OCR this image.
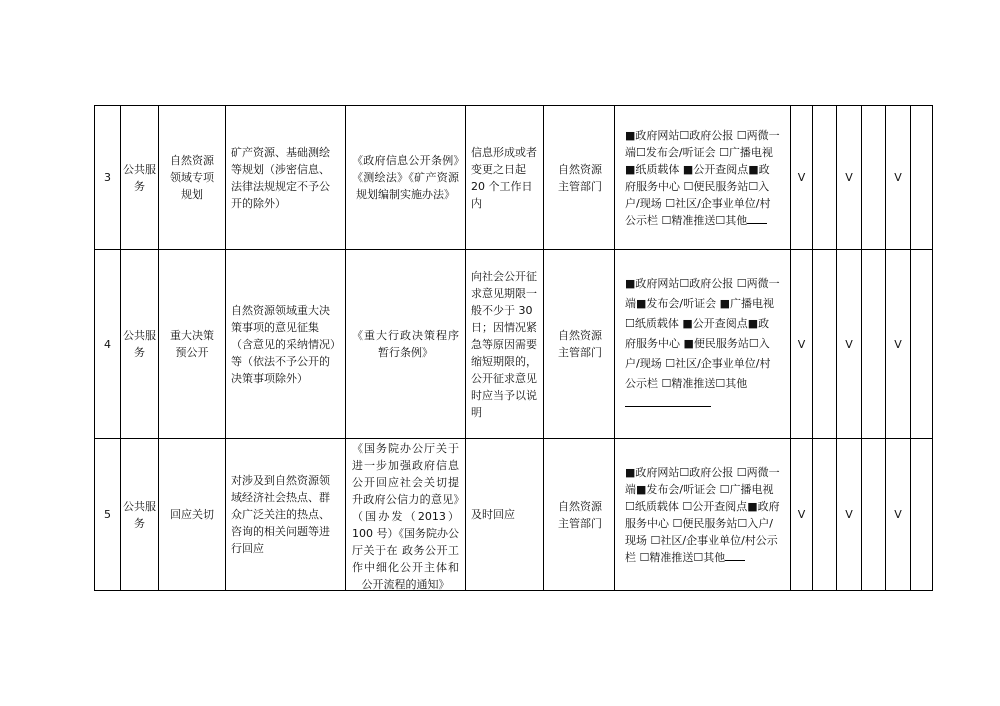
3	公共服务	自然资源领域专项规划	矿产资源、基础测绘等规划（涉密信息、法律法规规定不予公开的除外）	《政府信息公开条例》《测绘法》《矿产资源规划编制实施办法》	信息形成或者变更之日起 20 个工作日内	自然资源 主管部门	■政府网站☐政府公报 ☐两微一端☐发布会/听证会 ☐广播电视■纸质载体 ■公开查阅点■政府服务中心 ☐便民服务站☐入户/现场 ☐社区/企事业单位/村公示栏 ☐精准推送☐其他	V		V		V	
4	公共服务	重大决策预公开	自然资源领域重大决策事项的意见征集（含意见的采纳情况）等（依法不予公开的决策事项除外）	《重大行政决策程序暂行条例》	向社会公开征求意见期限一般不少于 30 日；因情况紧急等原因需要缩短期限的，公开征求意见时应当予以说明	自然资源 主管部门	■政府网站☐政府公报 ☐两微一端■发布会/听证会 ■广播电视☐纸质载体 ■公开查阅点■政府服务中心 ■便民服务站☐入户/现场 ☐社区/企事业单位/村公示栏 ☐精准推送☐其他	V		V		V	
5	公共服务	回应关切	对涉及到自然资源领域经济社会热点、群众广泛关注的热点、咨询的相关问题等进行回应	《国务院办公厅关于进一步加强政府信息公开回应社会关切提升政府公信力的意见》（国办发（2013） 100 号）《国务院办公厅关于在 政务公开工作中细化公开主体和公开流程的通知》	及时回应	自然资源 主管部门	■政府网站☐政府公报 ☐两微一端■发布会/听证会 ☐广播电视☐纸质载体 ☐公开查阅点■政府服务中心 ☐便民服务站☐入户/现场 ☐社区/企事业单位/村公示栏 ☐精准推送☐其他	V		V		V	
